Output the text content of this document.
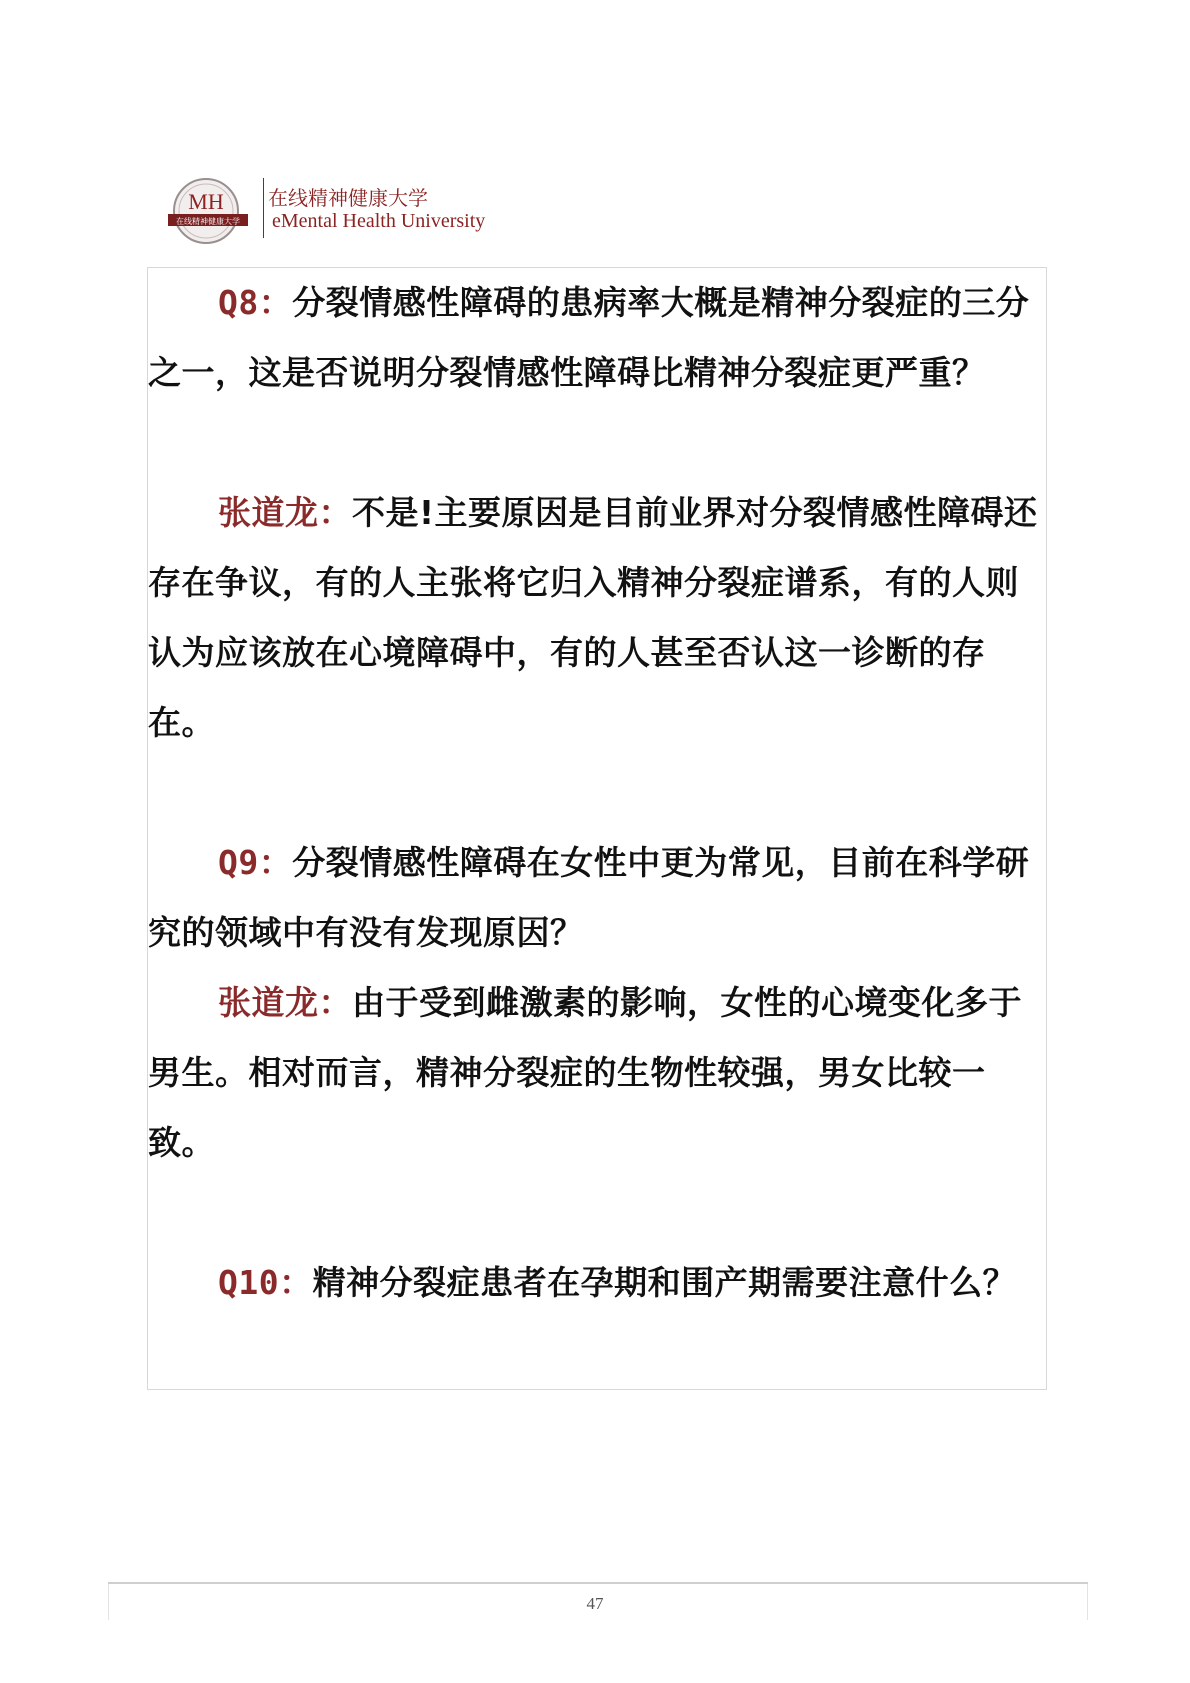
MH
在线精神健康大学
在线精神健康大学
eMental Health University

Q8：分裂情感性障碍的患病率大概是精神分裂症的三分之一，这是否说明分裂情感性障碍比精神分裂症更严重？

张道龙：不是!主要原因是目前业界对分裂情感性障碍还存在争议，有的人主张将它归入精神分裂症谱系，有的人则认为应该放在心境障碍中，有的人甚至否认这一诊断的存在。

Q9：分裂情感性障碍在女性中更为常见，目前在科学研究的领域中有没有发现原因？

张道龙：由于受到雌激素的影响，女性的心境变化多于男生。相对而言，精神分裂症的生物性较强，男女比较一致。

Q10：精神分裂症患者在孕期和围产期需要注意什么？

47
